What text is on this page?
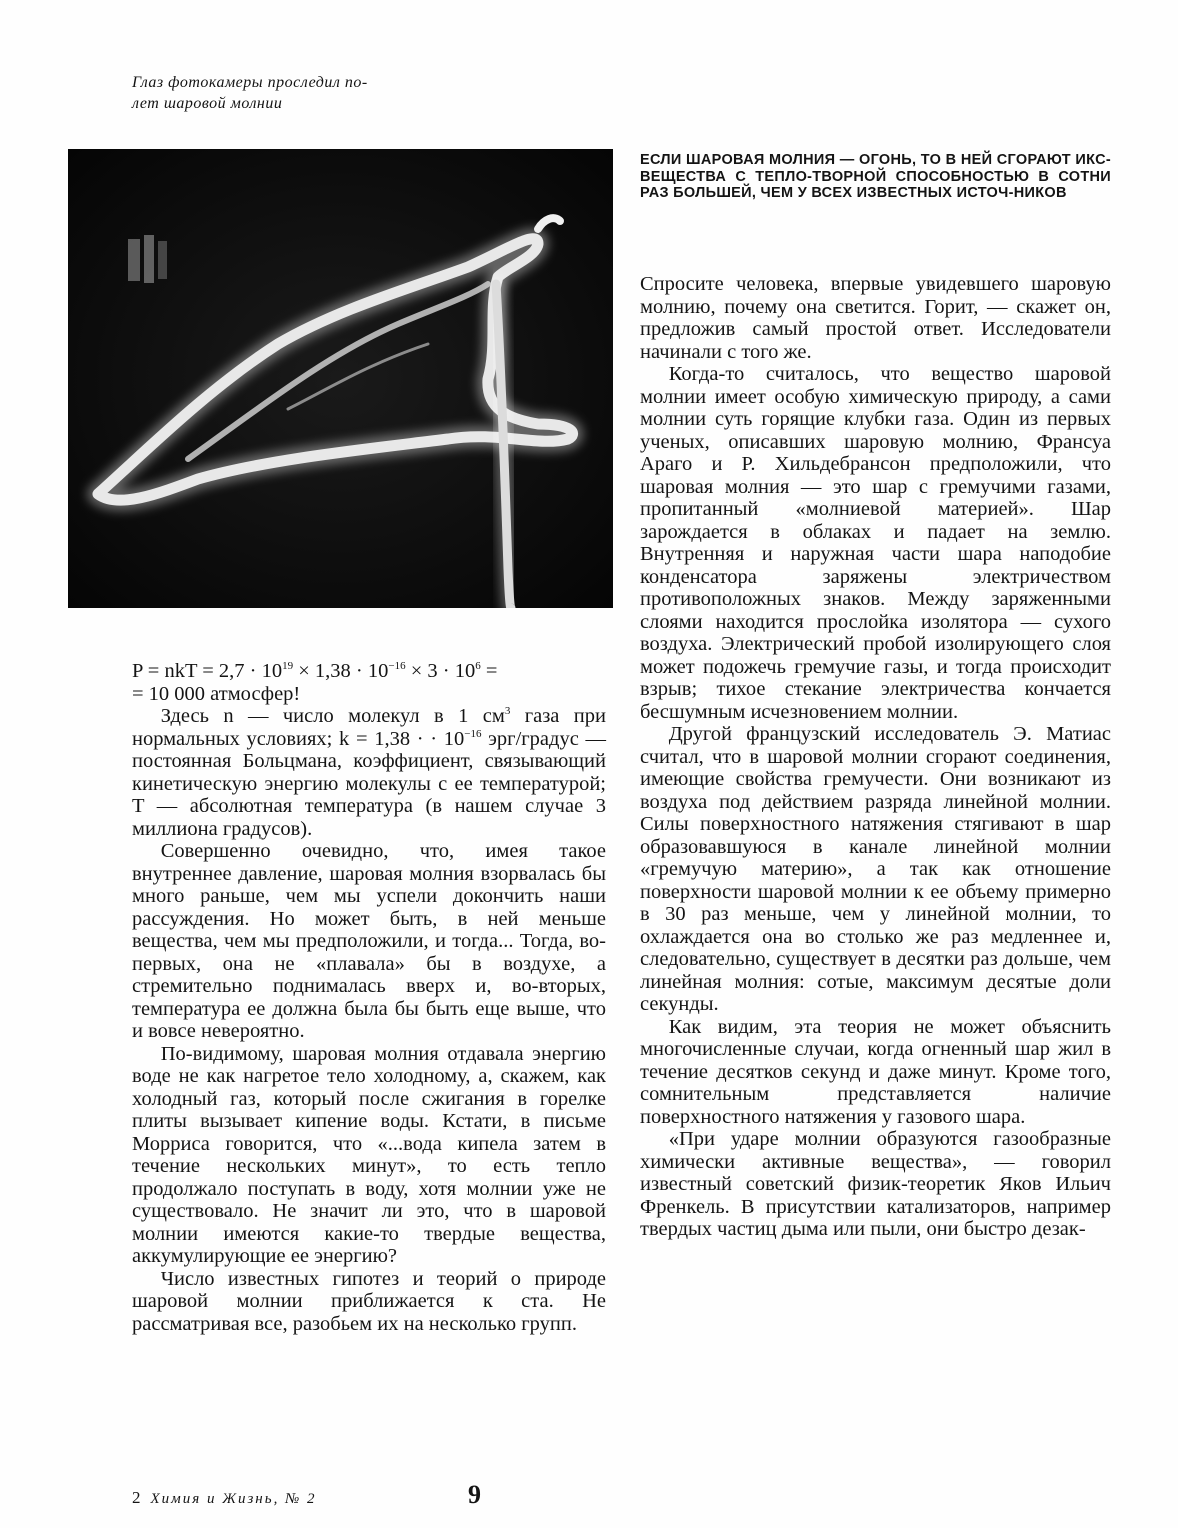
Глаз фотокамеры проследил по-
лет шаровой молнии
ЕСЛИ ШАРОВАЯ МОЛНИЯ — ОГОНЬ, ТО В НЕЙ СГОРАЮТ ИКС-ВЕЩЕСТВА С ТЕПЛО-ТВОРНОЙ СПОСОБНОСТЬЮ В СОТНИ РАЗ БОЛЬШЕЙ, ЧЕМ У ВСЕХ ИЗВЕСТНЫХ ИСТОЧ-НИКОВ

P = nkT = $2,7 \cdot 10^{19} \times 1,38 \cdot 10^{-16} \times 3 \cdot 10^6$ =

= 10 000 атмосфер!

Здесь n — число молекул в 1 $см^3$ газа при нормальных условиях; k = 1,38 · · $10^{-16}$ эрг/градус — постоянная Больцмана, коэффициент, связывающий кинетическую энергию молекулы с ее температурой; T — абсолютная температура (в нашем случае 3 миллиона градусов).

Совершенно очевидно, что, имея такое внутреннее давление, шаровая молния взорвалась бы много раньше, чем мы успели докончить наши рассуждения. Но может быть, в ней меньше вещества, чем мы предположили, и тогда... Тогда, во-первых, она не «плавала» бы в воздухе, а стремительно поднималась вверх и, во-вторых, температура ее должна была бы быть еще выше, что и вовсе невероятно.

По-видимому, шаровая молния отдавала энергию воде не как нагретое тело холодному, а, скажем, как холодный газ, который после сжигания в горелке плиты вызывает кипение воды. Кстати, в письме Морриса говорится, что «...вода кипела затем в течение нескольких минут», то есть тепло продолжало поступать в воду, хотя молнии уже не существовало. Не значит ли это, что в шаровой молнии имеются какие-то твердые вещества, аккумулирующие ее энергию?

Число известных гипотез и теорий о природе шаровой молнии приближается к ста. Не рассматривая все, разобьем их на несколько групп.

Спросите человека, впервые увидевшего шаровую молнию, почему она светится. Горит, — скажет он, предложив самый простой ответ. Исследователи начинали с того же.

Когда-то считалось, что вещество шаровой молнии имеет особую химическую природу, а сами молнии суть горящие клубки газа. Один из первых ученых, описавших шаровую молнию, Франсуа Араго и Р. Хильдебрансон предположили, что шаровая молния — это шар с гремучими газами, пропитанный «молниевой материей». Шар зарождается в облаках и падает на землю. Внутренняя и наружная части шара наподобие конденсатора заряжены электричеством противоположных знаков. Между заряженными слоями находится прослойка изолятора — сухого воздуха. Электрический пробой изолирующего слоя может подожечь гремучие газы, и тогда происходит взрыв; тихое стекание электричества кончается бесшумным исчезновением молнии.

Другой французский исследователь Э. Матиас считал, что в шаровой молнии сгорают соединения, имеющие свойства гремучести. Они возникают из воздуха под действием разряда линейной молнии. Силы поверхностного натяжения стягивают в шар образовавшуюся в канале линейной молнии «гремучую материю», а так как отношение поверхности шаровой молнии к ее объему примерно в 30 раз меньше, чем у линейной молнии, то охлаждается она во столько же раз медленнее и, следовательно, существует в десятки раз дольше, чем линейная молния: сотые, максимум десятые доли секунды.

Как видим, эта теория не может объяснить многочисленные случаи, когда огненный шар жил в течение десятков секунд и даже минут. Кроме того, сомнительным представляется наличие поверхностного натяжения у газового шара.

«При ударе молнии образуются газообразные химически активные вещества», — говорил известный советский физик-теоретик Яков Ильич Френкель. В присутствии катализаторов, например твердых частиц дыма или пыли, они быстро дезак-

2 Химия и Жизнь, № 2	9
